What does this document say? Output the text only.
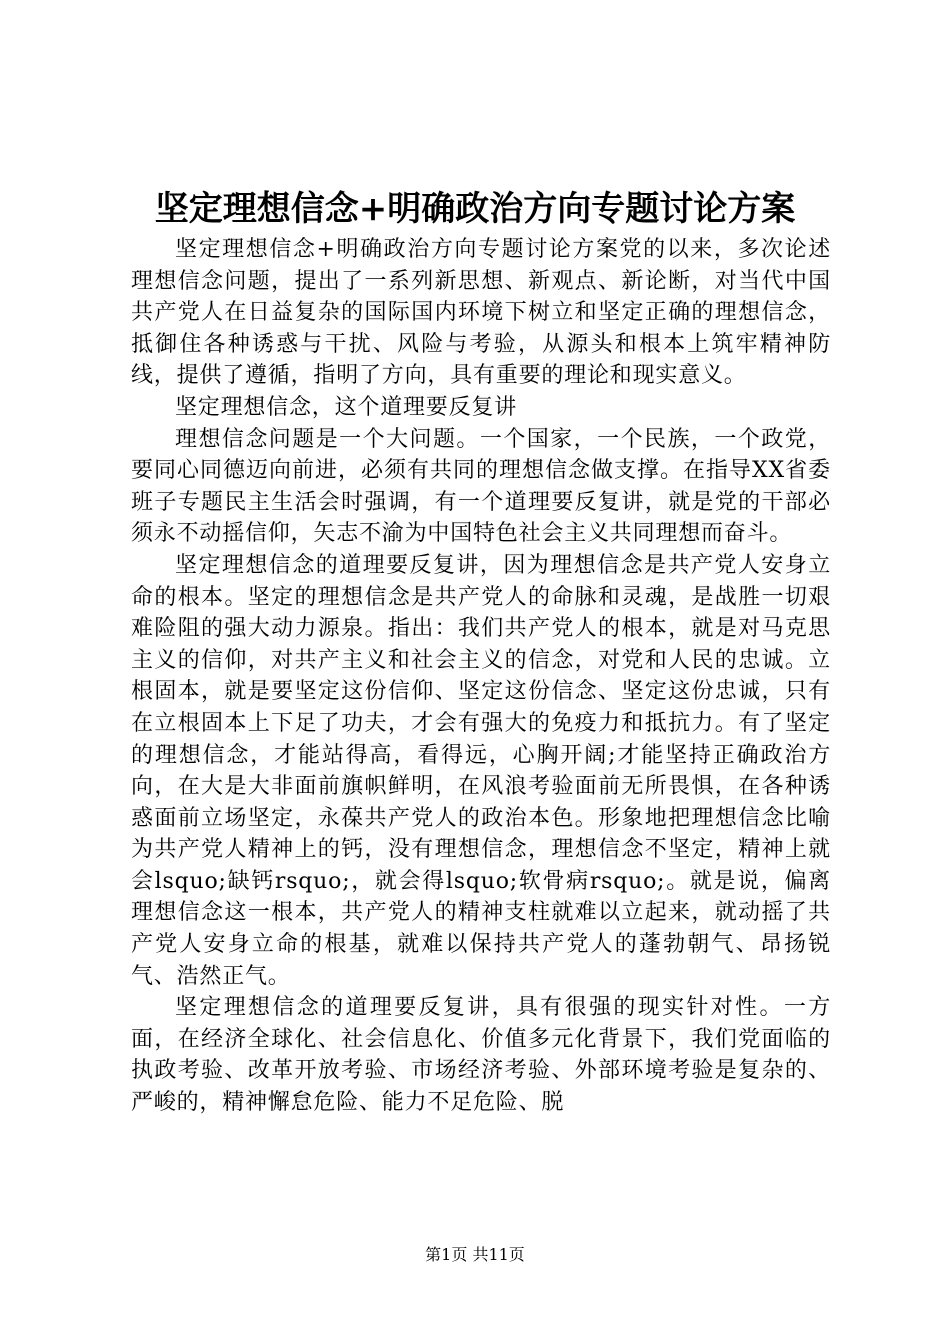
坚定理想信念+明确政治方向专题讨论方案

坚定理想信念+明确政治方向专题讨论方案党的以来，多次论述理想信念问题，提出了一系列新思想、新观点、新论断，对当代中国共产党人在日益复杂的国际国内环境下树立和坚定正确的理想信念，抵御住各种诱惑与干扰、风险与考验，从源头和根本上筑牢精神防线，提供了遵循，指明了方向，具有重要的理论和现实意义。

坚定理想信念，这个道理要反复讲

理想信念问题是一个大问题。一个国家，一个民族，一个政党，要同心同德迈向前进，必须有共同的理想信念做支撑。在指导XX省委班子专题民主生活会时强调，有一个道理要反复讲，就是党的干部必须永不动摇信仰，矢志不渝为中国特色社会主义共同理想而奋斗。

坚定理想信念的道理要反复讲，因为理想信念是共产党人安身立命的根本。坚定的理想信念是共产党人的命脉和灵魂，是战胜一切艰难险阻的强大动力源泉。指出：我们共产党人的根本，就是对马克思主义的信仰，对共产主义和社会主义的信念，对党和人民的忠诚。立根固本，就是要坚定这份信仰、坚定这份信念、坚定这份忠诚，只有在立根固本上下足了功夫，才会有强大的免疫力和抵抗力。有了坚定的理想信念，才能站得高，看得远，心胸开阔;才能坚持正确政治方向，在大是大非面前旗帜鲜明，在风浪考验面前无所畏惧，在各种诱惑面前立场坚定，永葆共产党人的政治本色。形象地把理想信念比喻为共产党人精神上的钙，没有理想信念，理想信念不坚定，精神上就会lsquo;缺钙rsquo;，就会得lsquo;软骨病rsquo;。就是说，偏离理想信念这一根本，共产党人的精神支柱就难以立起来，就动摇了共产党人安身立命的根基，就难以保持共产党人的蓬勃朝气、昂扬锐气、浩然正气。

坚定理想信念的道理要反复讲，具有很强的现实针对性。一方面，在经济全球化、社会信息化、价值多元化背景下，我们党面临的执政考验、改革开放考验、市场经济考验、外部环境考验是复杂的、严峻的，精神懈怠危险、能力不足危险、脱

第1页 共11页
